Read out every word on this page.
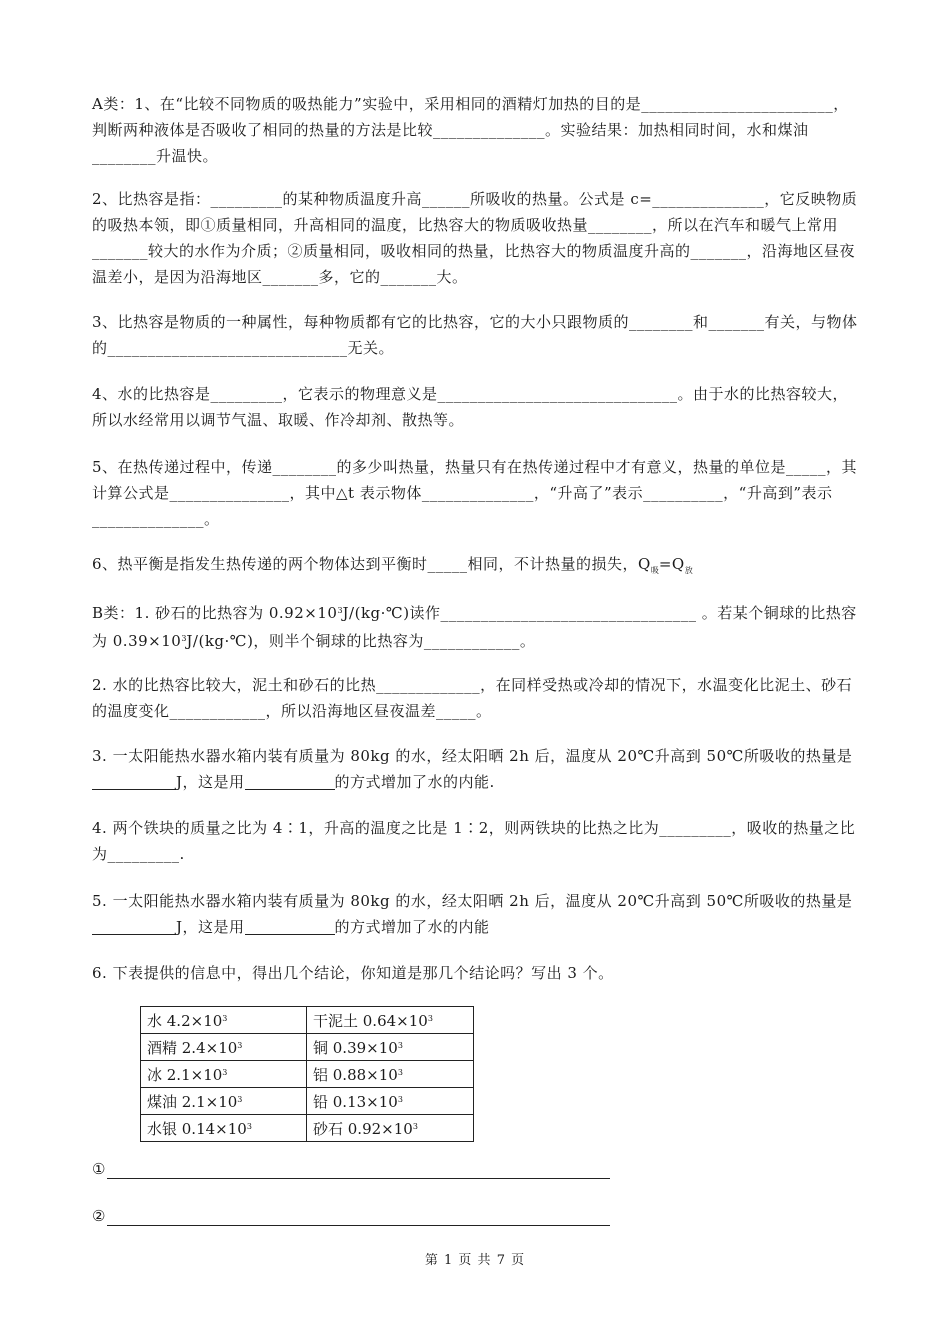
A类：1、在“比较不同物质的吸热能力”实验中，采用相同的酒精灯加热的目的是________________________，判断两种液体是否吸收了相同的热量的方法是比较______________。实验结果：加热相同时间，水和煤油________升温快。
2、比热容是指：_________的某种物质温度升高______所吸收的热量。公式是 c=______________，它反映物质的吸热本领，即①质量相同，升高相同的温度，比热容大的物质吸收热量________，所以在汽车和暖气上常用_______较大的水作为介质；②质量相同，吸收相同的热量，比热容大的物质温度升高的_______，沿海地区昼夜温差小，是因为沿海地区_______多，它的_______大。
3、比热容是物质的一种属性，每种物质都有它的比热容，它的大小只跟物质的________和_______有关，与物体的______________________________无关。
4、水的比热容是_________，它表示的物理意义是______________________________。由于水的比热容较大，所以水经常用以调节气温、取暖、作冷却剂、散热等。
5、在热传递过程中，传递________的多少叫热量，热量只有在热传递过程中才有意义，热量的单位是_____，其计算公式是_______________，其中△t 表示物体______________，“升高了”表示__________，“升高到”表示______________。
6、热平衡是指发生热传递的两个物体达到平衡时_____相同，不计热量的损失，$Q_吸=Q_放$
B类：1. 砂石的比热容为 $0.92\times 10^3J/(kg\cdot℃)$读作________________________________ 。若某个铜球的比热容为 $0.39\times 10^3J/(kg\cdot℃)$，则半个铜球的比热容为____________。
2. 水的比热容比较大，泥土和砂石的比热_____________，在同样受热或冷却的情况下，水温变化比泥土、砂石的温度变化____________，所以沿海地区昼夜温差_____。
3. 一太阳能热水器水箱内装有质量为 80kg 的水，经太阳晒 2h 后，温度从 20℃升高到 50℃所吸收的热量是J，这是用	的方式增加了水的内能.
4. 两个铁块的质量之比为 4∶1，升高的温度之比是 1∶2，则两铁块的比热之比为_________，吸收的热量之比为_________.
5. 一太阳能热水器水箱内装有质量为 80kg 的水，经太阳晒 2h 后，温度从 20℃升高到 50℃所吸收的热量是J，这是用	的方式增加了水的内能
6. 下表提供的信息中，得出几个结论，你知道是那几个结论吗？写出 3 个。
水 $4.2\times 10^3$	干泥土 $0.64\times 10^3$
酒精 $2.4\times 10^3$	铜 $0.39\times 10^3$
冰 $2.1\times 10^3$	铝 $0.88\times 10^3$
煤油 $2.1\times 10^3$	铅 $0.13\times 10^3$
水银 $0.14\times 10^3$	砂石 $0.92\times 10^3$
①
②
第 1 页 共 7 页
